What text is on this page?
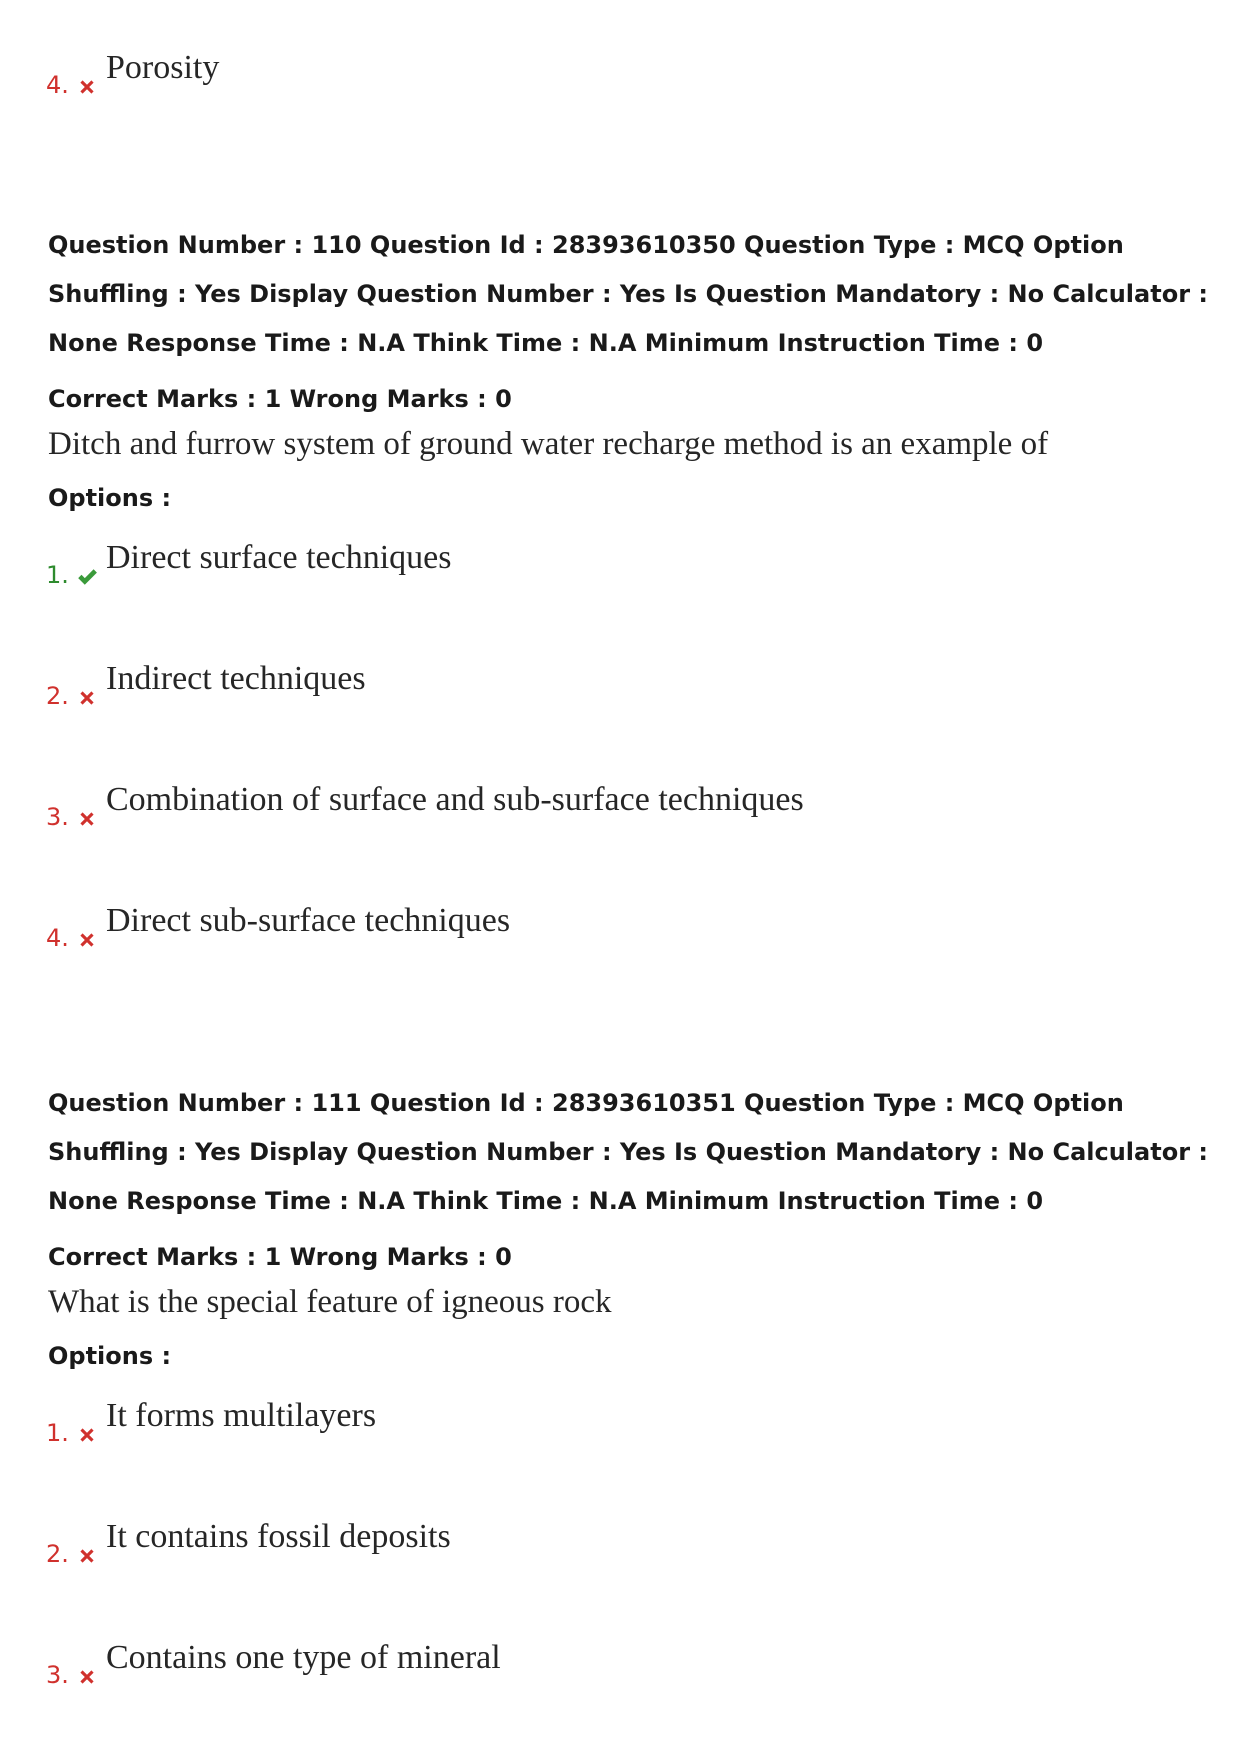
4. Porosity
Question Number : 110 Question Id : 28393610350 Question Type : MCQ Option Shuffling : Yes Display Question Number : Yes Is Question Mandatory : No Calculator : None Response Time : N.A Think Time : N.A Minimum Instruction Time : 0
Correct Marks : 1 Wrong Marks : 0
Ditch and furrow system of ground water recharge method is an example of
Options :
1. Direct surface techniques
2. Indirect techniques
3. Combination of surface and sub-surface techniques
4. Direct sub-surface techniques
Question Number : 111 Question Id : 28393610351 Question Type : MCQ Option Shuffling : Yes Display Question Number : Yes Is Question Mandatory : No Calculator : None Response Time : N.A Think Time : N.A Minimum Instruction Time : 0
Correct Marks : 1 Wrong Marks : 0
What is the special feature of igneous rock
Options :
1. It forms multilayers
2. It contains fossil deposits
3. Contains one type of mineral
